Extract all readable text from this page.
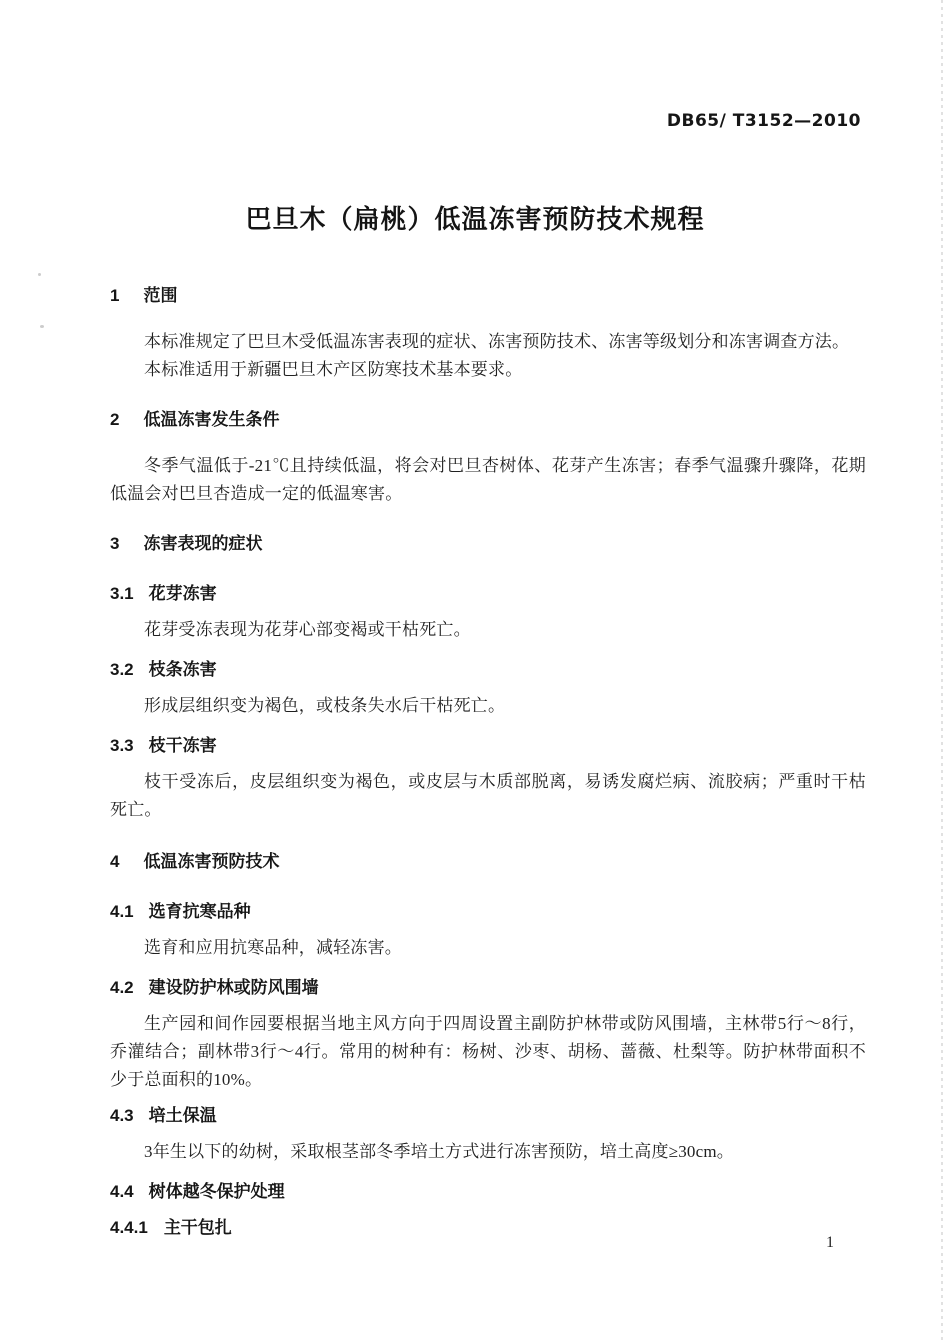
DB65/ T3152—2010
巴旦木（扁桃）低温冻害预防技术规程
1 范围

本标准规定了巴旦木受低温冻害表现的症状、冻害预防技术、冻害等级划分和冻害调查方法。

本标准适用于新疆巴旦木产区防寒技术基本要求。

2 低温冻害发生条件

冬季气温低于-21℃且持续低温，将会对巴旦杏树体、花芽产生冻害；春季气温骤升骤降，花期低温会对巴旦杏造成一定的低温寒害。

3 冻害表现的症状
3.1 花芽冻害

花芽受冻表现为花芽心部变褐或干枯死亡。

3.2 枝条冻害

形成层组织变为褐色，或枝条失水后干枯死亡。

3.3 枝干冻害

枝干受冻后，皮层组织变为褐色，或皮层与木质部脱离，易诱发腐烂病、流胶病；严重时干枯死亡。

4 低温冻害预防技术
4.1 选育抗寒品种

选育和应用抗寒品种，减轻冻害。

4.2 建设防护林或防风围墙

生产园和间作园要根据当地主风方向于四周设置主副防护林带或防风围墙，主林带5行～8行，乔灌结合；副林带3行～4行。常用的树种有：杨树、沙枣、胡杨、蔷薇、杜梨等。防护林带面积不少于总面积的10%。

4.3 培土保温

3年生以下的幼树，采取根茎部冬季培土方式进行冻害预防，培土高度≥30cm。

4.4 树体越冬保护处理
4.4.1 主干包扎
1
